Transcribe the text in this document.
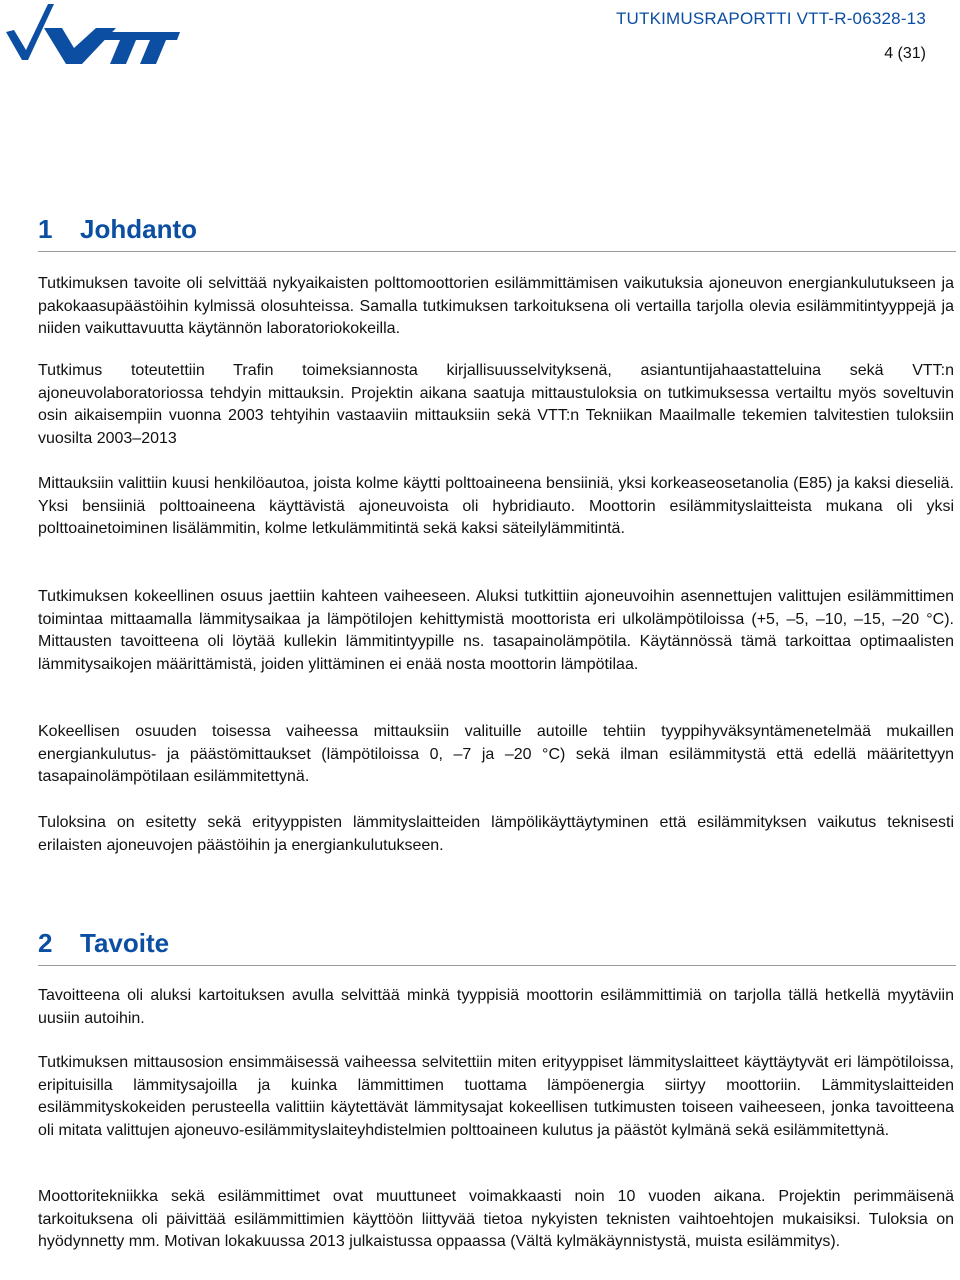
TUTKIMUSRAPORTTI VTT-R-06328-13
4 (31)
1 Johdanto

Tutkimuksen tavoite oli selvittää nykyaikaisten polttomoottorien esilämmittämisen vaikutuksia ajoneuvon energiankulutukseen ja pakokaasupäästöihin kylmissä olosuhteissa. Samalla tutkimuksen tarkoituksena oli vertailla tarjolla olevia esilämmitintyyppejä ja niiden vaikuttavuutta käytännön laboratoriokokeilla.

Tutkimus toteutettiin Trafin toimeksiannosta kirjallisuusselvityksenä, asiantuntijahaastatteluina sekä VTT:n ajoneuvolaboratoriossa tehdyin mittauksin. Projektin aikana saatuja mittaustuloksia on tutkimuksessa vertailtu myös soveltuvin osin aikaisempiin vuonna 2003 tehtyihin vastaaviin mittauksiin sekä VTT:n Tekniikan Maailmalle tekemien talvitestien tuloksiin vuosilta 2003–2013

Mittauksiin valittiin kuusi henkilöautoa, joista kolme käytti polttoaineena bensiiniä, yksi korkeaseosetanolia (E85) ja kaksi dieseliä. Yksi bensiiniä polttoaineena käyttävistä ajoneuvoista oli hybridiauto. Moottorin esilämmityslaitteista mukana oli yksi polttoainetoiminen lisälämmitin, kolme letkulämmitintä sekä kaksi säteilylämmitintä.

Tutkimuksen kokeellinen osuus jaettiin kahteen vaiheeseen. Aluksi tutkittiin ajoneuvoihin asennettujen valittujen esilämmittimen toimintaa mittaamalla lämmitysaikaa ja lämpötilojen kehittymistä moottorista eri ulkolämpötiloissa (+5, –5, –10, –15, –20 °C). Mittausten tavoitteena oli löytää kullekin lämmitintyypille ns. tasapainolämpötila. Käytännössä tämä tarkoittaa optimaalisten lämmitysaikojen määrittämistä, joiden ylittäminen ei enää nosta moottorin lämpötilaa.

Kokeellisen osuuden toisessa vaiheessa mittauksiin valituille autoille tehtiin tyyppihyväksyntämenetelmää mukaillen energiankulutus- ja päästömittaukset (lämpötiloissa 0, –7 ja –20 °C) sekä ilman esilämmitystä että edellä määritettyyn tasapainolämpötilaan esilämmitettynä.

Tuloksina on esitetty sekä erityyppisten lämmityslaitteiden lämpölikäyttäytyminen että esilämmityksen vaikutus teknisesti erilaisten ajoneuvojen päästöihin ja energiankulutukseen.

2 Tavoite

Tavoitteena oli aluksi kartoituksen avulla selvittää minkä tyyppisiä moottorin esilämmittimiä on tarjolla tällä hetkellä myytäviin uusiin autoihin.

Tutkimuksen mittausosion ensimmäisessä vaiheessa selvitettiin miten erityyppiset lämmityslaitteet käyttäytyvät eri lämpötiloissa, eripituisilla lämmitysajoilla ja kuinka lämmittimen tuottama lämpöenergia siirtyy moottoriin. Lämmityslaitteiden esilämmityskokeiden perusteella valittiin käytettävät lämmitysajat kokeellisen tutkimusten toiseen vaiheeseen, jonka tavoitteena oli mitata valittujen ajoneuvo-esilämmityslaiteyhdistelmien polttoaineen kulutus ja päästöt kylmänä sekä esilämmitettynä.

Moottoritekniikka sekä esilämmittimet ovat muuttuneet voimakkaasti noin 10 vuoden aikana. Projektin perimmäisenä tarkoituksena oli päivittää esilämmittimien käyttöön liittyvää tietoa nykyisten teknisten vaihtoehtojen mukaisiksi. Tuloksia on hyödynnetty mm. Motivan lokakuussa 2013 julkaistussa oppaassa (Vältä kylmäkäynnistystä, muista esilämmitys).
